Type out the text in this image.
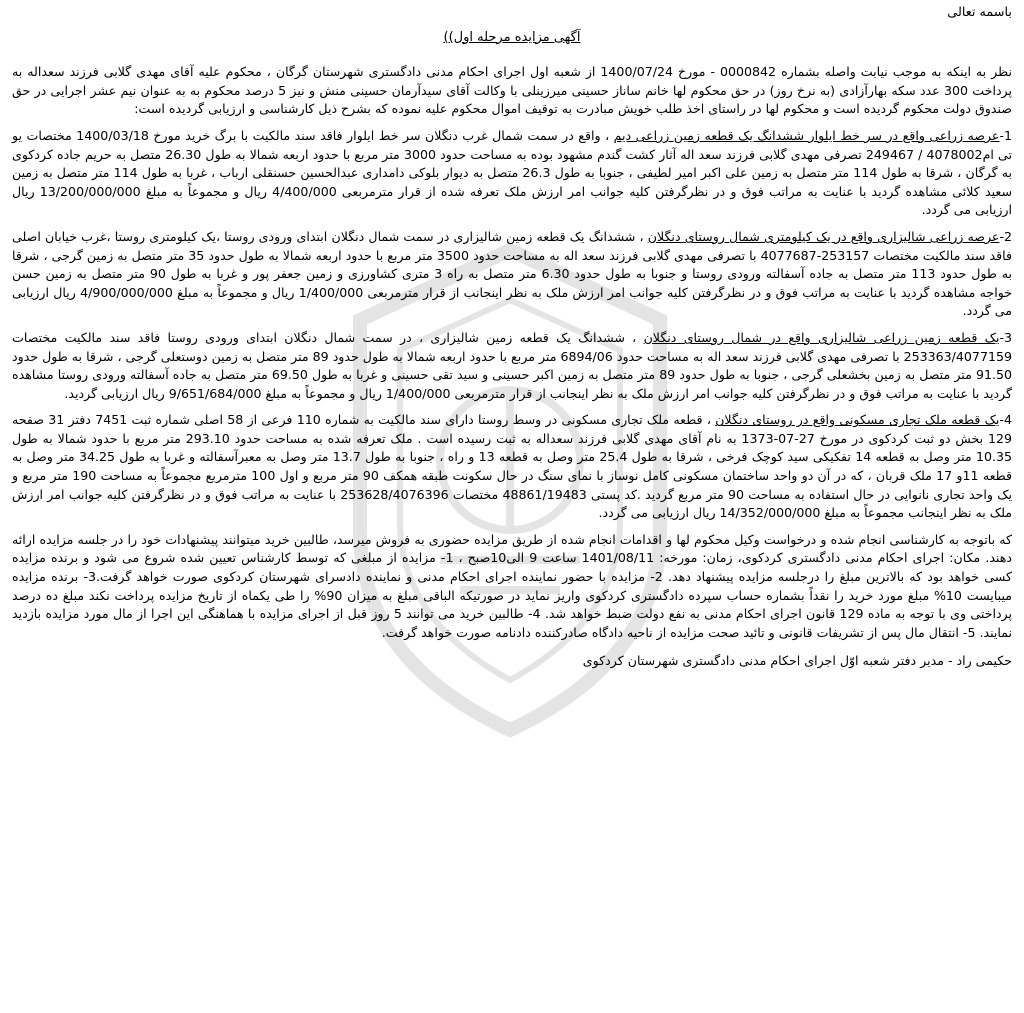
باسمه تعالی
آگهی مزایده مرحله اول))

نظر به اینکه به موجب نیابت واصله بشماره 0000842 - مورخ 1400/07/24 از شعبه اول اجرای احکام مدنی دادگستری شهرستان گرگان ، محکوم علیه آقای مهدی گلابی فرزند سعداله به پرداخت 300 عدد سکه بهارآزادی (به نرخ روز) در حق محکوم لها خانم ساناز حسینی میرزینلی با وکالت آقای سیدآرمان حسینی منش و نیز 5 درصد محکوم به به عنوان نیم عشر اجرایی در حق صندوق دولت محکوم گردیده است و محکوم لها در راستای اخذ طلب خویش مبادرت به توقیف اموال محکوم علیه نموده که بشرح ذیل کارشناسی و ارزیابی گردیده است:

1-عرصه زراعی واقع در سر خط ایلوار ششدانگ یک قطعه زمین زراعی دیم ، واقع در سمت شمال غرب دنگلان سر خط ایلوار فاقد سند مالکیت با برگ خرید مورخ 1400/03/18 مختصات یو تی ام4078002 / 249467 تصرفی مهدی گلابی فرزند سعد اله آثار کشت گندم مشهود بوده به مساحت حدود 3000 متر مربع با حدود اربعه شمالا به طول 26.30 متصل به حریم جاده کردکوی به گرگان ، شرقا به طول 114 متر متصل به زمین علی اکبر امیر لطیفی ، جنوبا به طول 26.3 متصل به دیوار بلوکی دامداری عبدالحسین حسنقلی ارباب ، غربا به طول 114 متر متصل به زمین سعید کلائی مشاهده گردید با عنایت به مراتب فوق و در نظرگرفتن کلیه جوانب امر ارزش ملک تعرفه شده از قرار مترمربعی 4/400/000 ریال و مجموعاً به مبلغ 13/200/000/000 ریال ارزیابی می گردد.

2-عرصه زراعی شالیزاری واقع در یک کیلومتری شمال روستای دنگلان ، ششدانگ یک قطعه زمین شالیزاری در سمت شمال دنگلان ابتدای ورودی روستا ،یک کیلومتری روستا ،غرب خیابان اصلی فاقد سند مالکیت مختصات 253157-4077687 با تصرفی مهدی گلابی فرزند سعد اله به مساحت حدود 3500 متر مربع با حدود اربعه شمالا به طول حدود 35 متر متصل به زمین گرجی ، شرقا به طول حدود 113 متر متصل به جاده آسفالته ورودی روستا و جنوبا به طول حدود 6.30 متر متصل به راه 3 متری کشاورزی و زمین جعفر پور و غربا به طول 90 متر متصل به زمین حسن خواجه مشاهده گردید با عنایت به مراتب فوق و در نظرگرفتن کلیه جوانب امر ارزش ملک به نظر اینجانب از قرار مترمربعی 1/400/000 ریال و مجموعاً به مبلغ 4/900/000/000 ریال ارزیابی می گردد.

3-یک قطعه زمین زراعی شالیزاری واقع در شمال روستای دنگلان ، ششدانگ یک قطعه زمین شالیزاری ، در سمت شمال دنگلان ابتدای ورودی روستا فاقد سند مالکیت مختصات 253363/4077159 با تصرفی مهدی گلابی فرزند سعد اله به مساحت حدود 6894/06 متر مربع با حدود اربعه شمالا به طول حدود 89 متر متصل به زمین دوستعلی گرجی ، شرقا به طول حدود 91.50 متر متصل به زمین بخشعلی گرجی ، جنوبا به طول حدود 89 متر متصل به زمین اکبر حسینی و سید تقی حسینی و غربا به طول 69.50 متر متصل به جاده آسفالته ورودی روستا مشاهده گردید با عنایت به مراتب فوق و در نظرگرفتن کلیه جوانب امر ارزش ملک به نظر اینجانب از قرار مترمربعی 1/400/000 ریال و مجموعاً به مبلغ 9/651/684/000 ریال ارزیابی گردید.

4-یک قطعه ملک تجاری مسکونی واقع در روستای دنگلان ، قطعه ملک تجاری مسکونی در وسط روستا دارای سند مالکیت به شماره 110 فرعی از 58 اصلی شماره ثبت 7451 دفتر 31 صفحه 129 بخش دو ثبت کردکوی در مورخ 27-07-1373 به نام آقای مهدی گلابی فرزند سعداله به ثبت رسیده است . ملک تعرفه شده به مساحت حدود 293.10 متر مربع با حدود شمالا به طول 10.35 متر وصل به قطعه 14 تفکیکی سید کوچک فرخی ، شرقا به طول 25.4 متر وصل به قطعه 13 و راه ، جنوبا به طول 13.7 متر وصل به معبرآسفالته و غربا به طول 34.25 متر وصل به قطعه 11و 17 ملک قربان ، که در آن دو واحد ساختمان مسکونی کامل نوساز با نمای سنگ در حال سکونت طبقه همکف 90 متر مربع و اول 100 مترمربع مجموعاً به مساحت 190 متر مربع و یک واحد تجاری نانوایی در حال استفاده به مساحت 90 متر مربع گردید .کد پستی 48861/19483 مختصات 253628/4076396 با عنایت به مراتب فوق و در نظرگرفتن کلیه جوانب امر ارزش ملک به نظر اینجانب مجموعاً به مبلغ 14/352/000/000 ریال ارزیابی می گردد.

که باتوجه به کارشناسی انجام شده و درخواست وکیل محکوم لها و اقدامات انجام شده از طریق مزایده حضوری به فروش میرسد، طالبین خرید میتوانند پیشنهادات خود را در جلسه مزایده ارائه دهند. مکان: اجرای احکام مدنی دادگستری کردکوی، زمان: مورخه: 1401/08/11 ساعت 9 الی10صبح ، 1- مزایده از مبلغی که توسط کارشناس تعیین شده شروع می شود و برنده مزایده کسی خواهد بود که بالاترین مبلغ را درجلسه مزایده پیشنهاد دهد. 2- مزایده با حضور نماینده اجرای احکام مدنی و نماینده دادسرای شهرستان کردکوی صورت خواهد گرفت.3- برنده مزایده میبایست 10% مبلغ مورد خرید را نقداً بشماره حساب سپرده دادگستری کردکوی واریز نماید در صورتیکه الباقی مبلغ به میزان 90% را طی یکماه از تاریخ مزایده پرداخت نکند مبلغ ده درصد پرداختی وی با توجه به ماده 129 قانون اجرای احکام مدنی به نفع دولت ضبط خواهد شد. 4- طالبین خرید می توانند 5 روز قبل از اجرای مزایده با هماهنگی این اجرا از مال مورد مزایده بازدید نمایند. 5- انتقال مال پس از تشریفات قانونی و تائید صحت مزایده از ناحیه دادگاه صادرکننده دادنامه صورت خواهد گرفت.

حکیمی راد - مدیر دفتر شعبه اوّل اجرای احکام مدنی دادگستری شهرستان کردکوی
